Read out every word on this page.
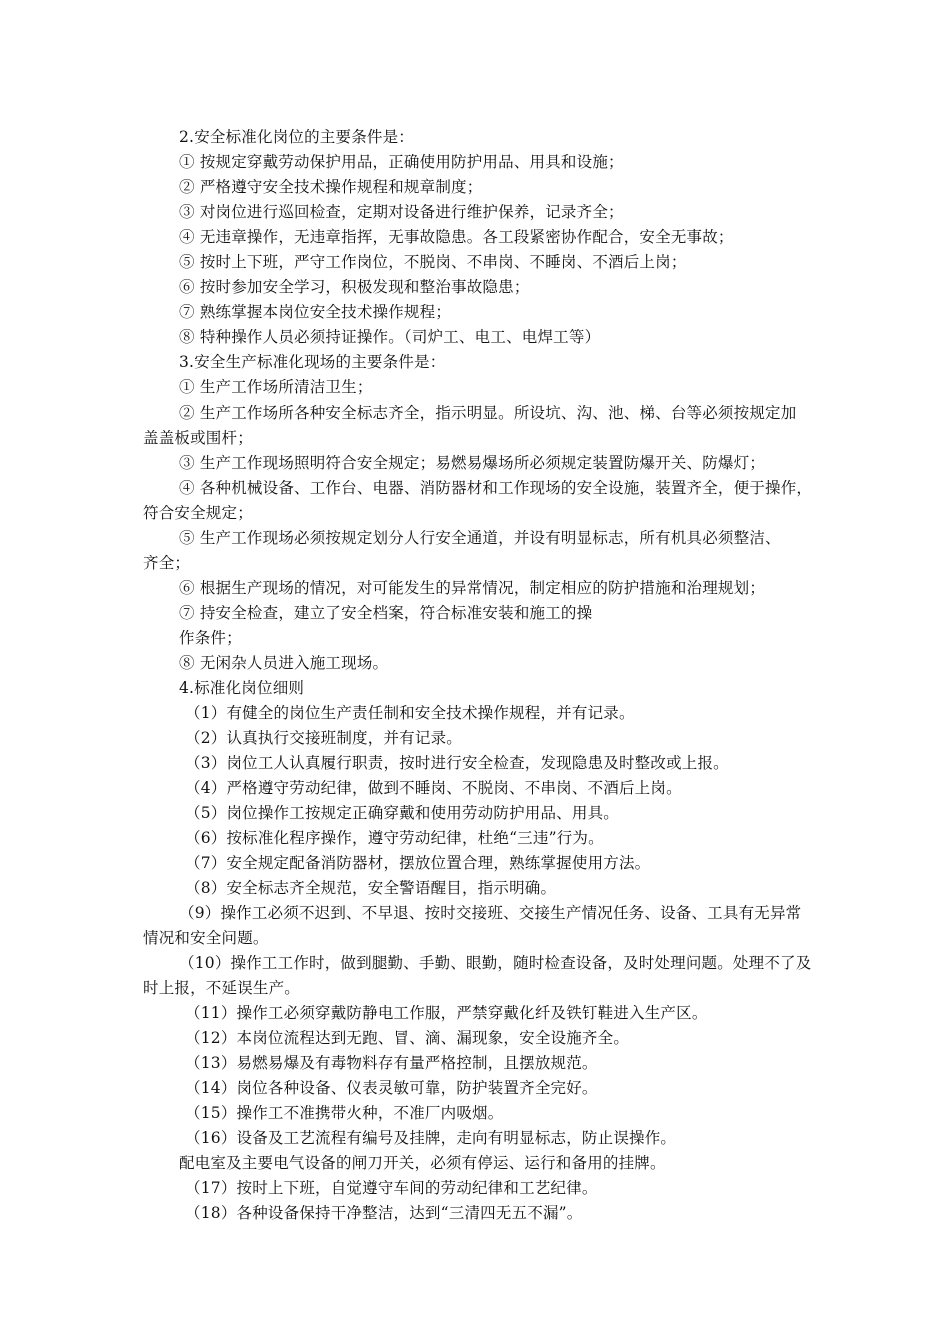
2.安全标准化岗位的主要条件是：
① 按规定穿戴劳动保护用品，正确使用防护用品、用具和设施；
② 严格遵守安全技术操作规程和规章制度；
③ 对岗位进行巡回检查，定期对设备进行维护保养，记录齐全；
④ 无违章操作，无违章指挥，无事故隐患。各工段紧密协作配合，安全无事故；
⑤ 按时上下班，严守工作岗位，不脱岗、不串岗、不睡岗、不酒后上岗；
⑥ 按时参加安全学习，积极发现和整治事故隐患；
⑦ 熟练掌握本岗位安全技术操作规程；
⑧ 特种操作人员必须持证操作。（司炉工、电工、电焊工等）
3.安全生产标准化现场的主要条件是：
① 生产工作场所清洁卫生；
② 生产工作场所各种安全标志齐全，指示明显。所设坑、沟、池、梯、台等必须按规定加
盖盖板或围杆；
③ 生产工作现场照明符合安全规定；易燃易爆场所必须规定装置防爆开关、防爆灯；
④ 各种机械设备、工作台、电器、消防器材和工作现场的安全设施，装置齐全，便于操作，
符合安全规定；
⑤ 生产工作现场必须按规定划分人行安全通道，并设有明显标志，所有机具必须整洁、
齐全；
⑥ 根据生产现场的情况，对可能发生的异常情况，制定相应的防护措施和治理规划；
⑦ 持安全检查，建立了安全档案，符合标准安装和施工的操
作条件；
⑧ 无闲杂人员进入施工现场。
4.标准化岗位细则
（1）有健全的岗位生产责任制和安全技术操作规程，并有记录。
（2）认真执行交接班制度，并有记录。
（3）岗位工人认真履行职责，按时进行安全检查，发现隐患及时整改或上报。
（4）严格遵守劳动纪律，做到不睡岗、不脱岗、不串岗、不酒后上岗。
（5）岗位操作工按规定正确穿戴和使用劳动防护用品、用具。
（6）按标准化程序操作，遵守劳动纪律，杜绝“三违”行为。
（7）安全规定配备消防器材，摆放位置合理，熟练掌握使用方法。
（8）安全标志齐全规范，安全警语醒目，指示明确。
（9）操作工必须不迟到、不早退、按时交接班、交接生产情况任务、设备、工具有无异常
情况和安全问题。
（10）操作工工作时，做到腿勤、手勤、眼勤，随时检查设备，及时处理问题。处理不了及
时上报，不延误生产。
（11）操作工必须穿戴防静电工作服，严禁穿戴化纤及铁钉鞋进入生产区。
（12）本岗位流程达到无跑、冒、滴、漏现象，安全设施齐全。
（13）易燃易爆及有毒物料存有量严格控制，且摆放规范。
（14）岗位各种设备、仪表灵敏可靠，防护装置齐全完好。
（15）操作工不准携带火种，不准厂内吸烟。
（16）设备及工艺流程有编号及挂牌，走向有明显标志，防止误操作。
配电室及主要电气设备的闸刀开关，必须有停运、运行和备用的挂牌。
（17）按时上下班，自觉遵守车间的劳动纪律和工艺纪律。
（18）各种设备保持干净整洁，达到“三清四无五不漏”。
